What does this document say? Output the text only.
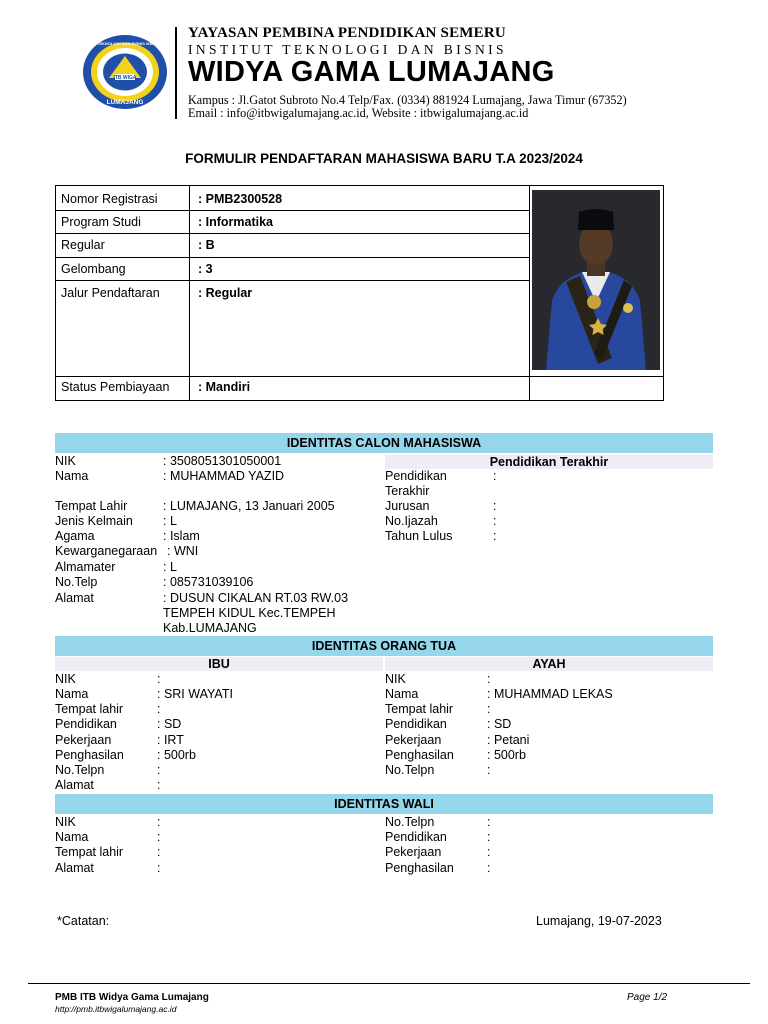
ITB WIGA
LUMAJANG
INSTITUT TEKNOLOGI DAN BISNIS WIDYA GAMA
YAYASAN PEMBINA PENDIDIKAN SEMERU
INSTITUT TEKNOLOGI DAN BISNIS
WIDYA GAMA LUMAJANG
Kampus : Jl.Gatot Subroto No.4 Telp/Fax. (0334) 881924 Lumajang, Jawa Timur (67352)
Email : info@itbwigalumajang.ac.id, Website : itbwigalumajang.ac.id
FORMULIR PENDAFTARAN MAHASISWA BARU T.A 2023/2024
Nomor Registrasi	: PMB2300528
Program Studi	: Informatika
Regular	: B
Gelombang	: 3
Jalur Pendaftaran	: Regular
Status Pembiayaan : Mandiri
IDENTITAS CALON MAHASISWA
Pendidikan Terakhir
NIK	: 3508051301050001
Nama	: MUHAMMAD YAZID
Tempat Lahir	: LUMAJANG, 13 Januari 2005
Jenis Kelmain : L
Agama	: Islam
Kewarganegaraan : WNI
Almamater	: L
No.Telp	: 085731039106
Alamat	: DUSUN CIKALAN RT.03 RW.03
TEMPEH KIDUL Kec.TEMPEH
Kab.LUMAJANG
Pendidikan
Terakhir
:
Jurusan	:
No.Ijazah	:
Tahun Lulus	:
IDENTITAS ORANG TUA
IBU	AYAH
NIK	:
Nama	: SRI WAYATI
Tempat lahir	:
Pendidikan	: SD
Pekerjaan	: IRT
Penghasilan	: 500rb
No.Telpn	:
Alamat	:
NIK	:
Nama	: MUHAMMAD LEKAS
Tempat lahir	:
Pendidikan	: SD
Pekerjaan	: Petani
Penghasilan	: 500rb
No.Telpn	:
IDENTITAS WALI
NIK	:
Nama	:
Tempat lahir	:
Alamat	:
No.Telpn	:
Pendidikan	:
Pekerjaan	:
Penghasilan	:
*Catatan:	Lumajang, 19-07-2023
PMB ITB Widya Gama Lumajang
http://pmb.itbwigalumajang.ac.id
Page 1/2
